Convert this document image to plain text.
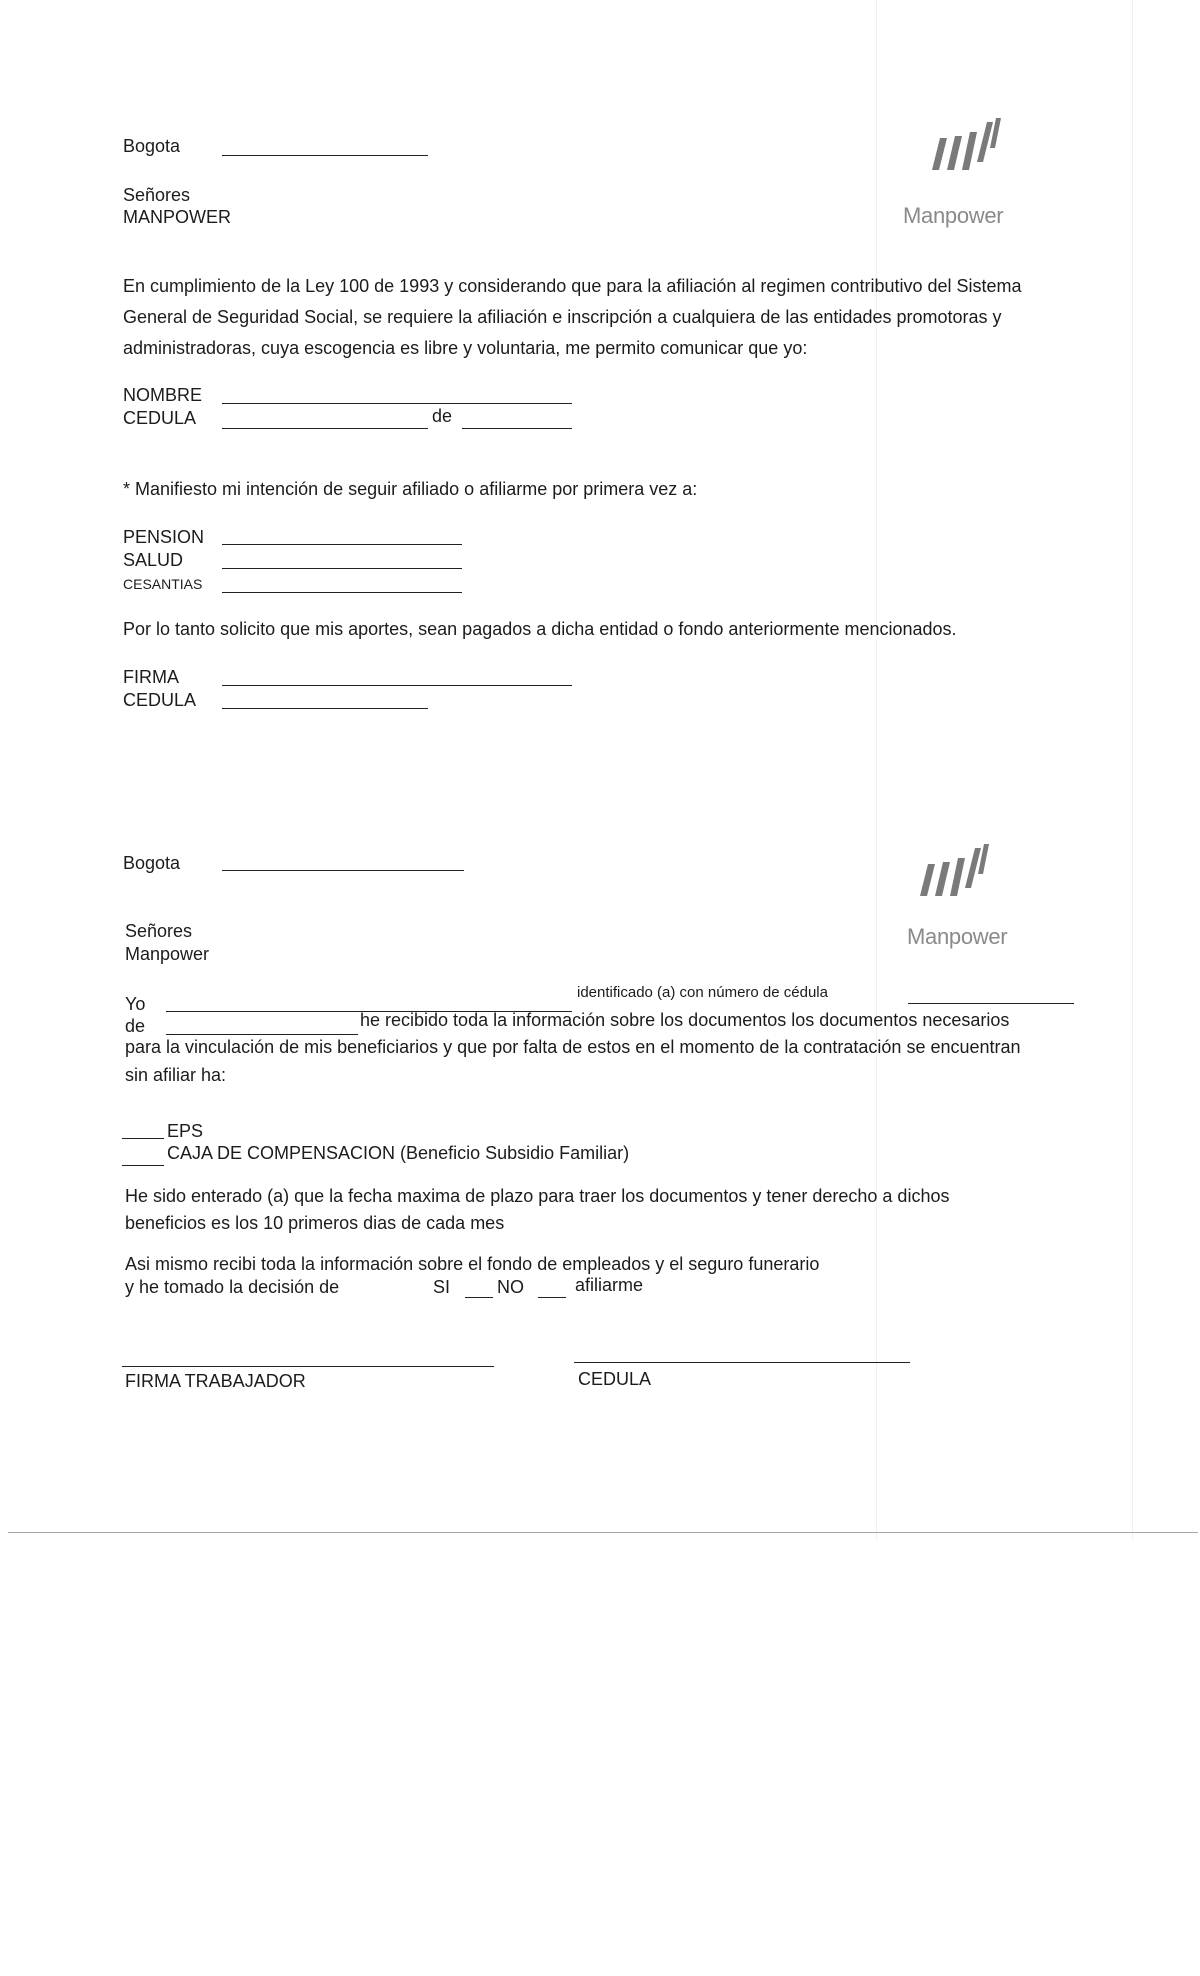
Bogota
Señores
MANPOWER	Manpower
En cumplimiento de la Ley 100 de 1993 y considerando que para la afiliación al regimen contributivo del Sistema
General de Seguridad Social, se requiere la afiliación e inscripción a cualquiera de las entidades promotoras y
administradoras, cuya escogencia es libre y voluntaria, me permito comunicar que yo:
NOMBRE
CEDULA	de
* Manifiesto mi intención de seguir afiliado o afiliarme por primera vez a:
PENSION
SALUD
CESANTIAS
Por lo tanto solicito que mis aportes, sean pagados a dicha entidad o fondo anteriormente mencionados.
FIRMA
CEDULA
Bogota
Manpower
Señores
Manpower
Yo
identificado (a) con número de cédula
de	he recibido toda la información sobre los documentos los documentos necesarios
para la vinculación de mis beneficiarios y que por falta de estos en el momento de la contratación se encuentran
sin afiliar ha:
EPS
CAJA DE COMPENSACION (Beneficio Subsidio Familiar)
He sido enterado (a) que la fecha maxima de plazo para traer los documentos y tener derecho a dichos
beneficios es los 10 primeros dias de cada mes
Asi mismo recibi toda la información sobre el fondo de empleados y el seguro funerario
y he tomado la decisión de	SI	NO	afiliarme
FIRMA TRABAJADOR	CEDULA
